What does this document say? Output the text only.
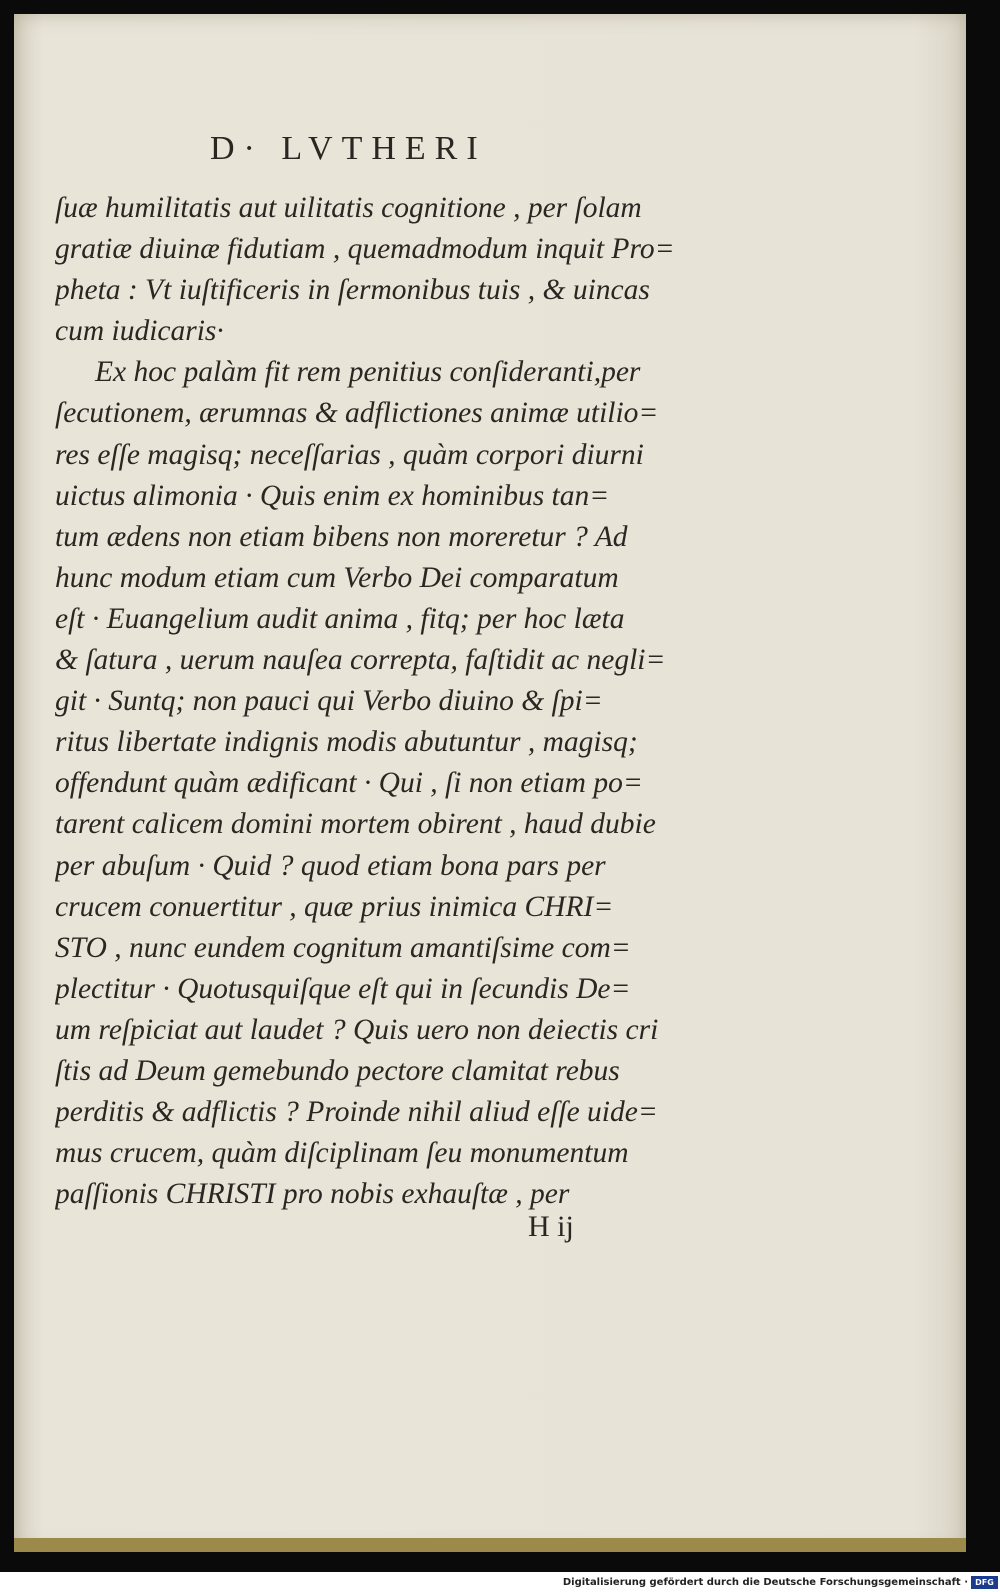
D· LVTHERI
ſuæ humilitatis aut uilitatis cognitione , per ſolam
gratiæ diuinæ fidutiam , quemadmodum inquit Pro=
pheta : Vt iuſtificeris in ſermonibus tuis , & uincas
cum iudicaris·
Ex hoc palàm fit rem penitius conſideranti,per
ſecutionem, ærumnas & adflictiones animæ utilio=
res eſſe magisq; neceſſarias , quàm corpori diurni
uictus alimonia · Quis enim ex hominibus tan=
tum ædens non etiam bibens non moreretur ? Ad
hunc modum etiam cum Verbo Dei comparatum
eſt · Euangelium audit anima , fitq; per hoc læta
& ſatura , uerum nauſea correpta, faſtidit ac negli=
git · Suntq; non pauci qui Verbo diuino & ſpi=
ritus libertate indignis modis abutuntur , magisq;
offendunt quàm ædificant · Qui , ſi non etiam po=
tarent calicem domini mortem obirent , haud dubie
per abuſum · Quid ? quod etiam bona pars per
crucem conuertitur , quæ prius inimica CHRI=
STO , nunc eundem cognitum amantiſsime com=
plectitur · Quotusquiſque eſt qui in ſecundis De=
um reſpiciat aut laudet ? Quis uero non deiectis cri
ſtis ad Deum gemebundo pectore clamitat rebus
perditis & adflictis ? Proinde nihil aliud eſſe uide=
mus crucem, quàm diſciplinam ſeu monumentum
paſſionis CHRISTI pro nobis exhauſtæ , per
H ij
Digitalisierung gefördert durch die Deutsche Forschungsgemeinschaft · DFG
